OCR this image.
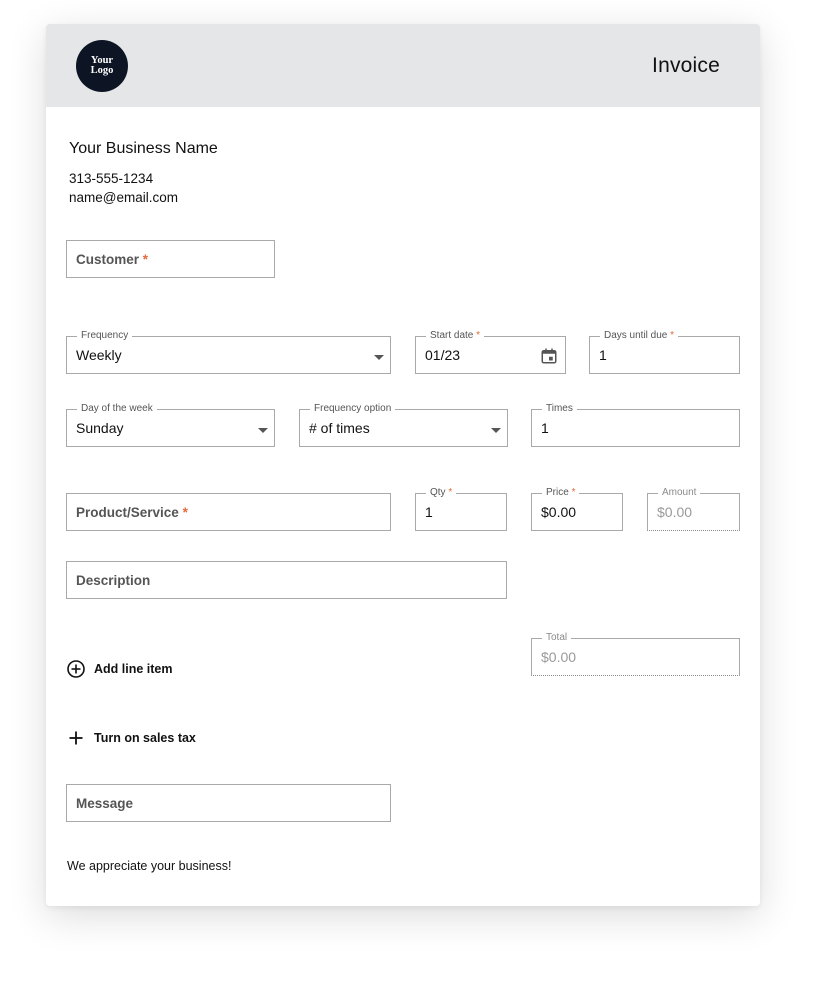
Your
Logo	Invoice
Your Business Name
313-555-1234
name@email.com
Customer *
Frequency
Weekly
Start date *
01/23
Days until due *
1
Day of the week
Sunday
Frequency option
# of times
Times
1
Product/Service *
Qty *
1
Price *
$0.00
Amount
$0.00
Description
Total
$0.00
Add line item
Turn on sales tax
Message
We appreciate your business!
